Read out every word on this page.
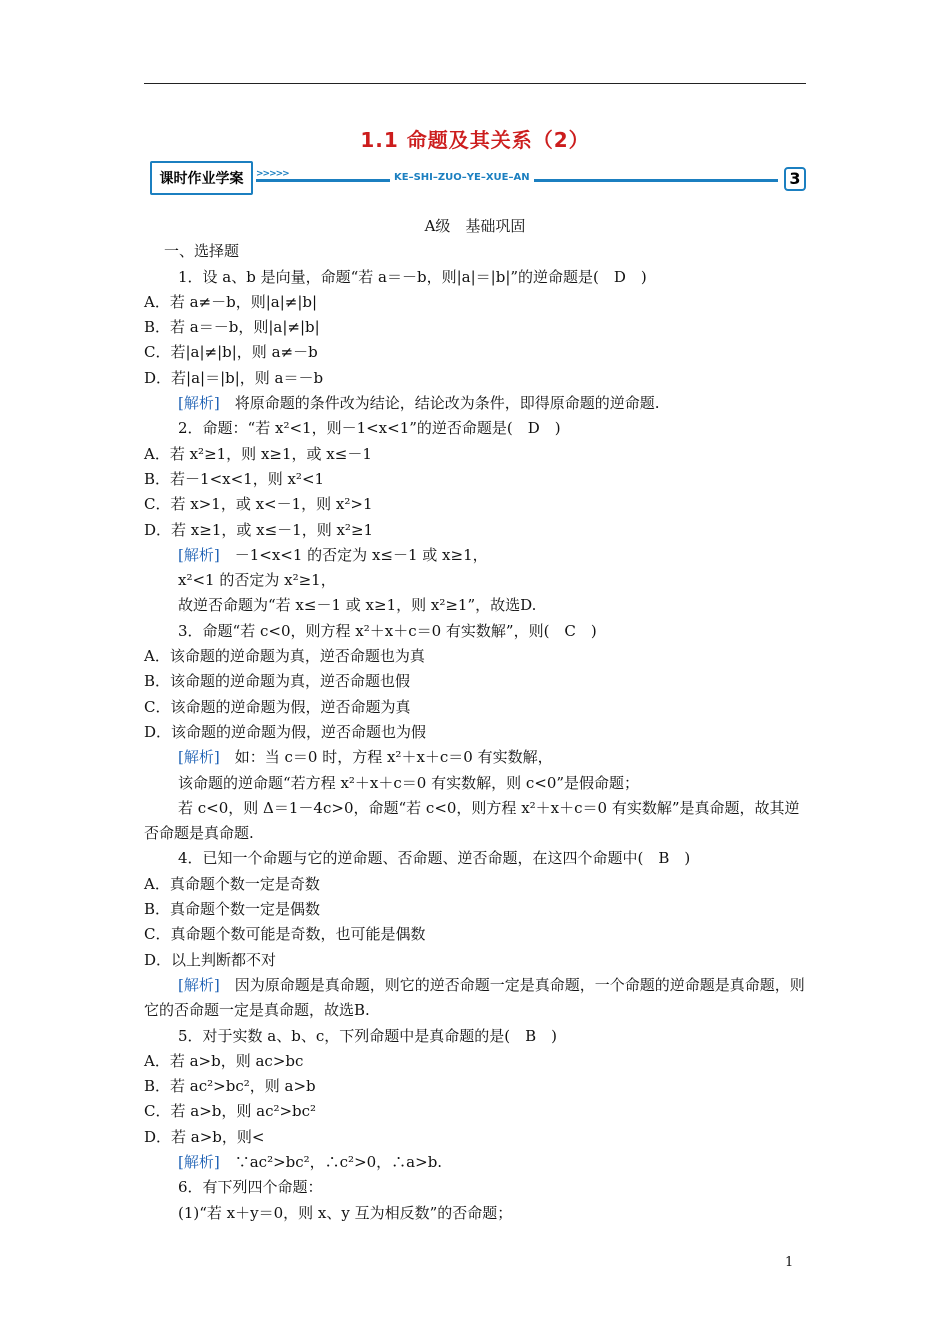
1.1 命题及其关系（2）
课时作业学案	>>>>>	KE–SHI–ZUO–YE–XUE–AN	3
A级　基础巩固
一、选择题
1．设 a、b 是向量，命题“若 a＝－b，则|a|＝|b|”的逆命题是(　D　)
A．若 a≠－b，则|a|≠|b|
B．若 a＝－b，则|a|≠|b|
C．若|a|≠|b|，则 a≠－b
D．若|a|＝|b|，则 a＝－b
[解析]　将原命题的条件改为结论，结论改为条件，即得原命题的逆命题.
2．命题：“若 x²<1，则－1<x<1”的逆否命题是(　D　)
A．若 x²≥1，则 x≥1，或 x≤－1
B．若－1<x<1，则 x²<1
C．若 x>1，或 x<－1，则 x²>1
D．若 x≥1，或 x≤－1，则 x²≥1
[解析]　－1<x<1 的否定为 x≤－1 或 x≥1，
x²<1 的否定为 x²≥1，
故逆否命题为“若 x≤－1 或 x≥1，则 x²≥1”，故选D.
3．命题“若 c<0，则方程 x²＋x＋c＝0 有实数解”，则(　C　)
A．该命题的逆命题为真，逆否命题也为真
B．该命题的逆命题为真，逆否命题也假
C．该命题的逆命题为假，逆否命题为真
D．该命题的逆命题为假，逆否命题也为假
[解析]　如：当 c＝0 时，方程 x²＋x＋c＝0 有实数解，
该命题的逆命题“若方程 x²＋x＋c＝0 有实数解，则 c<0”是假命题；
若 c<0，则 Δ＝1－4c>0，命题“若 c<0，则方程 x²＋x＋c＝0 有实数解”是真命题，故其逆否命题是真命题.
4．已知一个命题与它的逆命题、否命题、逆否命题，在这四个命题中(　B　)
A．真命题个数一定是奇数
B．真命题个数一定是偶数
C．真命题个数可能是奇数，也可能是偶数
D．以上判断都不对
[解析]　因为原命题是真命题，则它的逆否命题一定是真命题，一个命题的逆命题是真命题，则它的否命题一定是真命题，故选B.
5．对于实数 a、b、c，下列命题中是真命题的是(　B　)
A．若 a>b，则 ac>bc
B．若 ac²>bc²，则 a>b
C．若 a>b，则 ac²>bc²
D．若 a>b，则<
[解析]　∵ac²>bc²，∴c²>0，∴a>b.
6．有下列四个命题：
(1)“若 x＋y＝0，则 x、y 互为相反数”的否命题；
1
